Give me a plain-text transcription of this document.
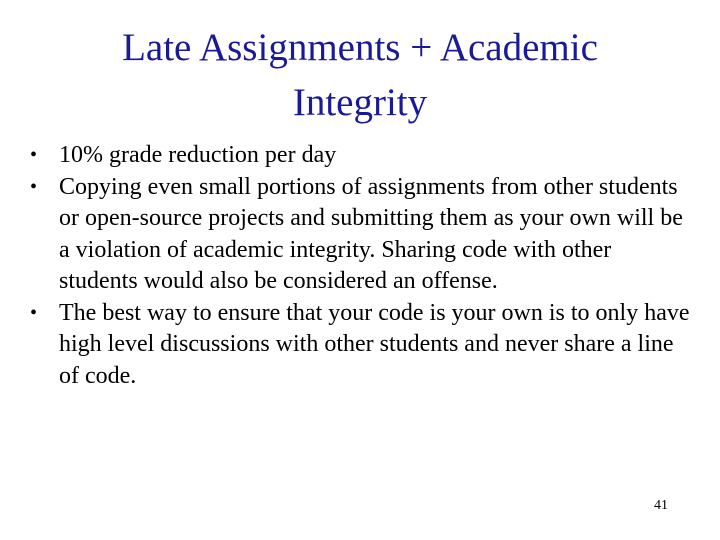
Late Assignments + Academic
Integrity
• 10% grade reduction per day
• Copying even small portions of assignments from other students or open-source projects and submitting them as your own will be a violation of academic integrity. Sharing code with other students would also be considered an offense.
• The best way to ensure that your code is your own is to only have high level discussions with other students and never share a line of code.
41
